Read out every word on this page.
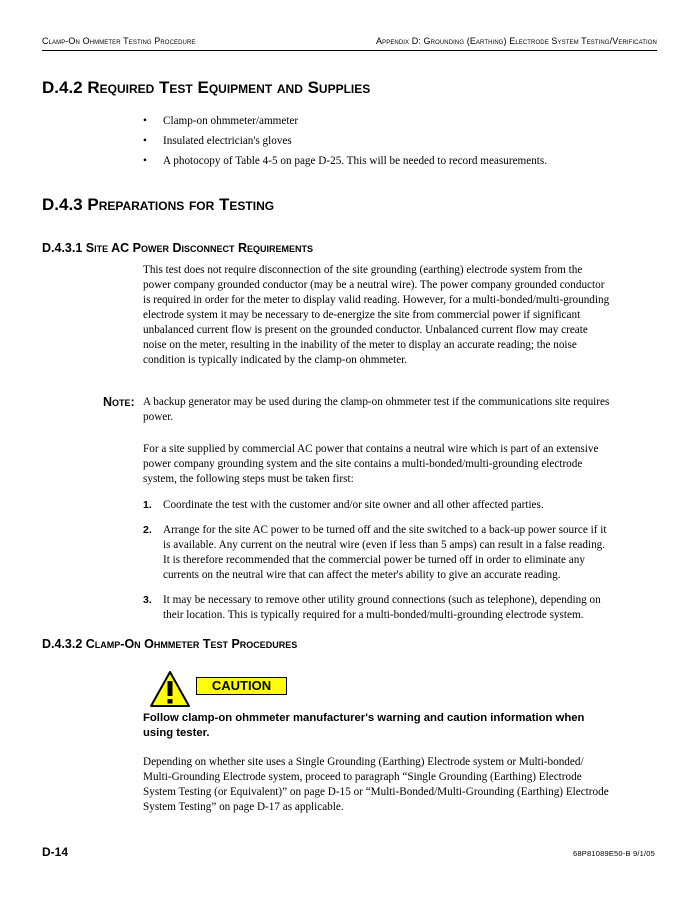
Clamp-On Ohmmeter Testing Procedure	Appendix D: Grounding (Earthing) Electrode System Testing/Verification
D.4.2 Required Test Equipment and Supplies
• Clamp-on ohmmeter/ammeter
• Insulated electrician's gloves
• A photocopy of Table 4-5 on page D-25. This will be needed to record measurements.
D.4.3 Preparations for Testing
D.4.3.1 Site AC Power Disconnect Requirements
This test does not require disconnection of the site grounding (earthing) electrode system from the power company grounded conductor (may be a neutral wire). The power company grounded conductor is required in order for the meter to display valid reading. However, for a multi-bonded/multi-grounding electrode system it may be necessary to de-energize the site from commercial power if significant unbalanced current flow is present on the grounded conductor. Unbalanced current flow may create noise on the meter, resulting in the inability of the meter to display an accurate reading; the noise condition is typically indicated by the clamp-on ohmmeter.
Note: A backup generator may be used during the clamp-on ohmmeter test if the communications site requires power.
For a site supplied by commercial AC power that contains a neutral wire which is part of an extensive power company grounding system and the site contains a multi-bonded/multi-grounding electrode system, the following steps must be taken first:
1. Coordinate the test with the customer and/or site owner and all other affected parties.
2. Arrange for the site AC power to be turned off and the site switched to a back-up power source if it is available. Any current on the neutral wire (even if less than 5 amps) can result in a false reading. It is therefore recommended that the commercial power be turned off in order to eliminate any currents on the neutral wire that can affect the meter's ability to give an accurate reading.
3. It may be necessary to remove other utility ground connections (such as telephone), depending on their location. This is typically required for a multi-bonded/multi-grounding electrode system.
D.4.3.2 Clamp-On Ohmmeter Test Procedures
CAUTION
Follow clamp-on ohmmeter manufacturer's warning and caution information when using tester.
Depending on whether site uses a Single Grounding (Earthing) Electrode system or Multi-bonded/ Multi-Grounding Electrode system, proceed to paragraph “Single Grounding (Earthing) Electrode System Testing (or Equivalent)” on page D-15 or “Multi-Bonded/Multi-Grounding (Earthing) Electrode System Testing” on page D-17 as applicable.
D-14	68P81089E50-B 9/1/05
